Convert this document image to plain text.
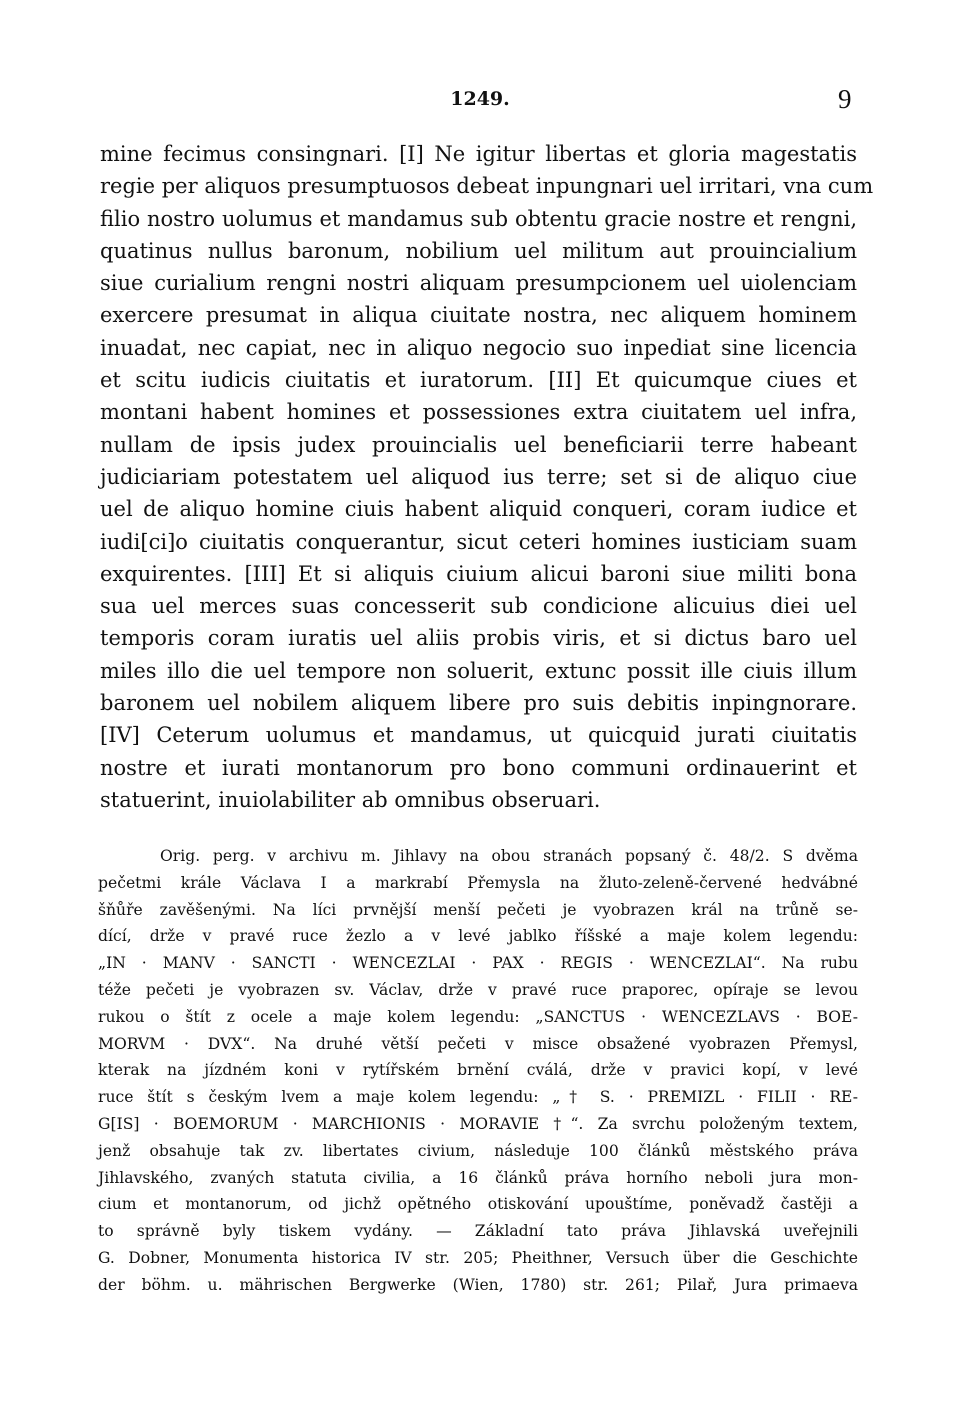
1249.	9
mine fecimus consingnari. [I] Ne igitur libertas et gloria magestatis
regie per aliquos presumptuosos debeat inpungnari uel irritari, vna cum
filio nostro uolumus et mandamus sub obtentu gracie nostre et rengni,
quatinus nullus baronum, nobilium uel militum aut prouincialium
siue curialium rengni nostri aliquam presumpcionem uel uiolenciam
exercere presumat in aliqua ciuitate nostra, nec aliquem hominem
inuadat, nec capiat, nec in aliquo negocio suo inpediat sine licencia
et scitu iudicis ciuitatis et iuratorum. [II] Et quicumque ciues et
montani habent homines et possessiones extra ciuitatem uel infra,
nullam de ipsis judex prouincialis uel beneficiarii terre habeant
judiciariam potestatem uel aliquod ius terre; set si de aliquo ciue
uel de aliquo homine ciuis habent aliquid conqueri, coram iudice et
iudi[ci]o ciuitatis conquerantur, sicut ceteri homines iusticiam suam
exquirentes. [III] Et si aliquis ciuium alicui baroni siue militi bona
sua uel merces suas concesserit sub condicione alicuius diei uel
temporis coram iuratis uel aliis probis viris, et si dictus baro uel
miles illo die uel tempore non soluerit, extunc possit ille ciuis illum
baronem uel nobilem aliquem libere pro suis debitis inpingnorare.
[IV] Ceterum uolumus et mandamus, ut quicquid jurati ciuitatis
nostre et iurati montanorum pro bono communi ordinauerint et
statuerint, inuiolabiliter ab omnibus obseruari.
Orig. perg. v archivu m. Jihlavy na obou stranách popsaný č. 48/2. S dvěma
pečetmi krále Václava I a markrabí Přemysla na žluto-zeleně-červené hedvábné
šňůře zavěšenými. Na líci prvnější menší pečeti je vyobrazen král na trůně se-
dící, drže v pravé ruce žezlo a v levé jablko říšské a maje kolem legendu:
„IN · MANV · SANCTI · WENCEZLAI · PAX · REGIS · WENCEZLAI“. Na rubu
téže pečeti je vyobrazen sv. Václav, drže v pravé ruce praporec, opíraje se levou
rukou o štít z ocele a maje kolem legendu: „SANCTUS · WENCEZLAVS · BOE-
MORVM · DVX“. Na druhé větší pečeti v misce obsažené vyobrazen Přemysl,
kterak na jízdném koni v rytířském brnění cválá, drže v pravici kopí, v levé
ruce štít s českým lvem a maje kolem legendu: „† S. · PREMIZL · FILII · RE-
G[IS] · BOEMORUM · MARCHIONIS · MORAVIE †“. Za svrchu položeným textem,
jenž obsahuje tak zv. libertates civium, následuje 100 článků městského práva
Jihlavského, zvaných statuta civilia, a 16 článků práva horního neboli jura mon-
cium et montanorum, od jichž opětného otiskování upouštíme, poněvadž častěji a
to správně byly tiskem vydány. — Základní tato práva Jihlavská uveřejnili
G. Dobner, Monumenta historica IV str. 205; Pheithner, Versuch über die Geschichte
der böhm. u. mährischen Bergwerke (Wien, 1780) str. 261; Pilař, Jura primaeva
